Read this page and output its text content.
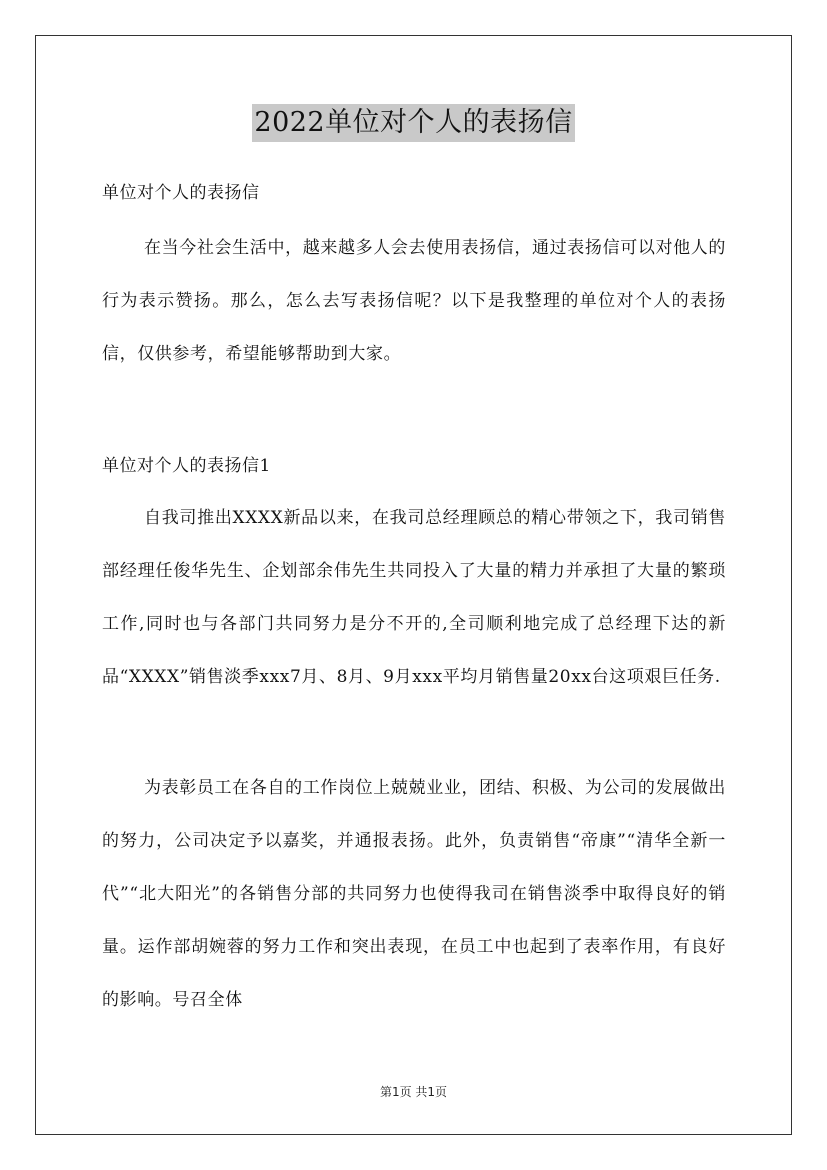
2022单位对个人的表扬信
单位对个人的表扬信

在当今社会生活中，越来越多人会去使用表扬信，通过表扬信可以对他人的行为表示赞扬。那么，怎么去写表扬信呢？以下是我整理的单位对个人的表扬信，仅供参考，希望能够帮助到大家。

单位对个人的表扬信1

自我司推出XXXX新品以来，在我司总经理顾总的精心带领之下，我司销售部经理任俊华先生、企划部余伟先生共同投入了大量的精力并承担了大量的繁琐工作,同时也与各部门共同努力是分不开的,全司顺利地完成了总经理下达的新品“XXXX”销售淡季xxx7月、8月、9月xxx平均月销售量20xx台这项艰巨任务.

为表彰员工在各自的工作岗位上兢兢业业，团结、积极、为公司的发展做出的努力，公司决定予以嘉奖，并通报表扬。此外，负责销售“帝康”“清华全新一代”“北大阳光”的各销售分部的共同努力也使得我司在销售淡季中取得良好的销量。运作部胡婉蓉的努力工作和突出表现，在员工中也起到了表率作用，有良好的影响。号召全体

第1页 共1页
